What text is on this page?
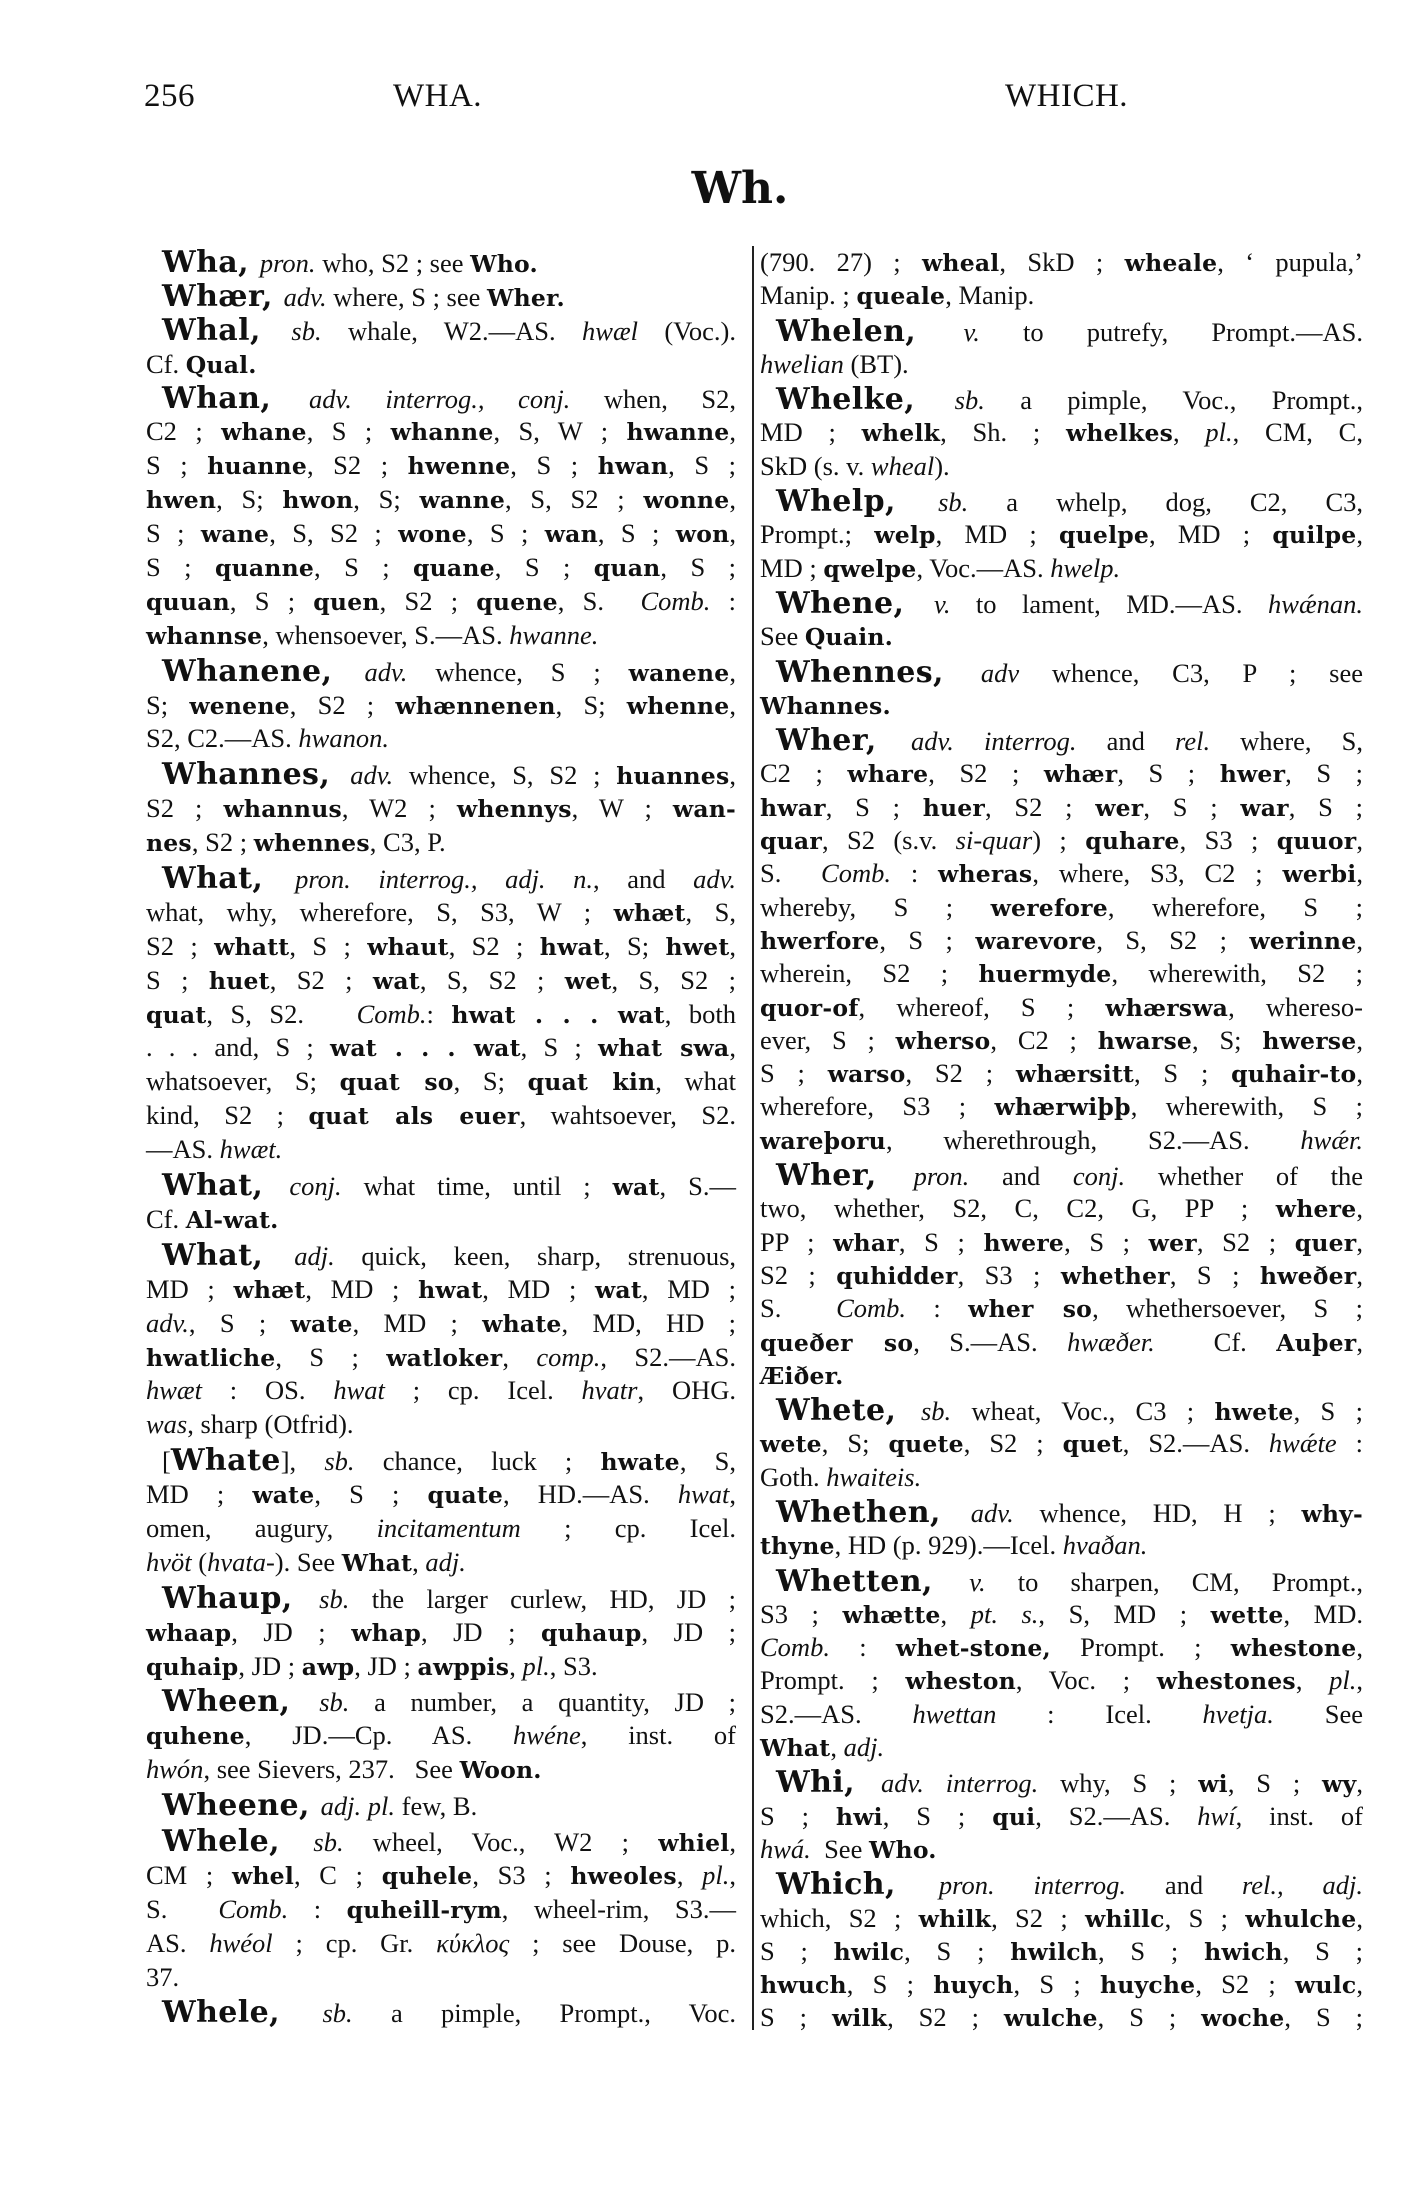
256	WHA.	WHICH.
Wh.
Wha, pron. who, S2 ; see Who.
Whær, adv. where, S ; see Wher.
Whal, sb. whale, W2.—AS. hwæl (Voc.).
Cf. Qual.
Whan, adv. interrog., conj. when, S2,
C2 ; whane, S ; whanne, S, W ; hwanne,
S ; huanne, S2 ; hwenne, S ; hwan, S ;
hwen, S; hwon, S; wanne, S, S2 ; wonne,
S ; wane, S, S2 ; wone, S ; wan, S ; won,
S ; quanne, S ; quane, S ; quan, S ;
quuan, S ; quen, S2 ; quene, S.  Comb. :
whannse, whensoever, S.—AS. hwanne.
Whanene, adv. whence, S ; wanene,
S; wenene, S2 ; whænnenen, S; whenne,
S2, C2.—AS. hwanon.
Whannes, adv. whence, S, S2 ; huannes,
S2 ; whannus, W2 ; whennys, W ; wan-
nes, S2 ; whennes, C3, P.
What, pron. interrog., adj. n., and adv.
what, why, wherefore, S, S3, W ; whæt, S,
S2 ; whatt, S ; whaut, S2 ; hwat, S; hwet,
S ; huet, S2 ; wat, S, S2 ; wet, S, S2 ;
quat, S, S2.   Comb.: hwat . . . wat, both
. . . and, S ; wat . . . wat, S ; what swa,
whatsoever, S; quat so, S; quat kin, what
kind, S2 ; quat als euer, wahtsoever, S2.
—AS. hwæt.
What, conj. what time, until ; wat, S.—
Cf. Al-wat.
What, adj. quick, keen, sharp, strenuous,
MD ; whæt, MD ; hwat, MD ; wat, MD ;
adv., S ; wate, MD ; whate, MD, HD ;
hwatliche, S ; watloker, comp., S2.—AS.
hwæt : OS. hwat ; cp. Icel. hvatr, OHG.
was, sharp (Otfrid).
[Whate], sb. chance, luck ; hwate, S,
MD ; wate, S ; quate, HD.—AS. hwat,
omen, augury, incitamentum ; cp. Icel.
hvöt (hvata-). See What, adj.
Whaup, sb. the larger curlew, HD, JD ;
whaap, JD ; whap, JD ; quhaup, JD ;
quhaip, JD ; awp, JD ; awppis, pl., S3.
Wheen, sb. a number, a quantity, JD ;
quhene, JD.—Cp. AS. hwéne, inst. of
hwón, see Sievers, 237.   See Woon.
Wheene, adj. pl. few, B.
Whele, sb. wheel, Voc., W2 ; whiel,
CM ; whel, C ; quhele, S3 ; hweoles, pl.,
S.  Comb. : quheill-rym, wheel-rim, S3.—
AS. hwéol ; cp. Gr. κύκλος ; see Douse, p.
37.
Whele, sb. a pimple, Prompt., Voc.
(790. 27) ; wheal, SkD ; wheale, ‘ pupula,’
Manip. ; queale, Manip.
Whelen, v. to putrefy, Prompt.—AS.
hwelian (BT).
Whelke, sb. a pimple, Voc., Prompt.,
MD ; whelk, Sh. ; whelkes, pl., CM, C,
SkD (s. v. wheal).
Whelp, sb. a whelp, dog, C2, C3,
Prompt.; welp, MD ; quelpe, MD ; quilpe,
MD ; qwelpe, Voc.—AS. hwelp.
Whene, v. to lament, MD.—AS. hwǽnan.
See Quain.
Whennes, adv whence, C3, P ; see
Whannes.
Wher, adv. interrog. and rel. where, S,
C2 ; whare, S2 ; whær, S ; hwer, S ;
hwar, S ; huer, S2 ; wer, S ; war, S ;
quar, S2 (s.v. si-quar) ; quhare, S3 ; quuor,
S.  Comb. : wheras, where, S3, C2 ; werbi,
whereby, S ; werefore, wherefore, S ;
hwerfore, S ; warevore, S, S2 ; werinne,
wherein, S2 ; huermyde, wherewith, S2 ;
quor-of, whereof, S ; whærswa, whereso-
ever, S ; wherso, C2 ; hwarse, S; hwerse,
S ; warso, S2 ; whærsitt, S ; quhair-to,
wherefore, S3 ; whærwiþþ, wherewith, S ;
wareþoru, wherethrough, S2.—AS. hwǽr.
Wher, pron. and conj. whether of the
two, whether, S2, C, C2, G, PP ; where,
PP ; whar, S ; hwere, S ; wer, S2 ; quer,
S2 ; quhidder, S3 ; whether, S ; hweðer,
S.  Comb. : wher so, whethersoever, S ;
queðer so, S.—AS. hwæðer.  Cf. Auþer,
Æiðer.
Whete, sb. wheat, Voc., C3 ; hwete, S ;
wete, S; quete, S2 ; quet, S2.—AS. hwǽte :
Goth. hwaiteis.
Whethen, adv. whence, HD, H ; why-
thyne, HD (p. 929).—Icel. hvaðan.
Whetten, v. to sharpen, CM, Prompt.,
S3 ; whætte, pt. s., S, MD ; wette, MD.
Comb. : whet-stone, Prompt. ; whestone,
Prompt. ; wheston, Voc. ; whestones, pl.,
S2.—AS. hwettan : Icel. hvetja. See
What, adj.
Whi, adv. interrog. why, S ; wi, S ; wy,
S ; hwi, S ; qui, S2.—AS. hwí, inst. of
hwá.  See Who.
Which, pron. interrog. and rel., adj.
which, S2 ; whilk, S2 ; whillc, S ; whulche,
S ; hwilc, S ; hwilch, S ; hwich, S ;
hwuch, S ; huych, S ; huyche, S2 ; wulc,
S ; wilk, S2 ; wulche, S ; woche, S ;
